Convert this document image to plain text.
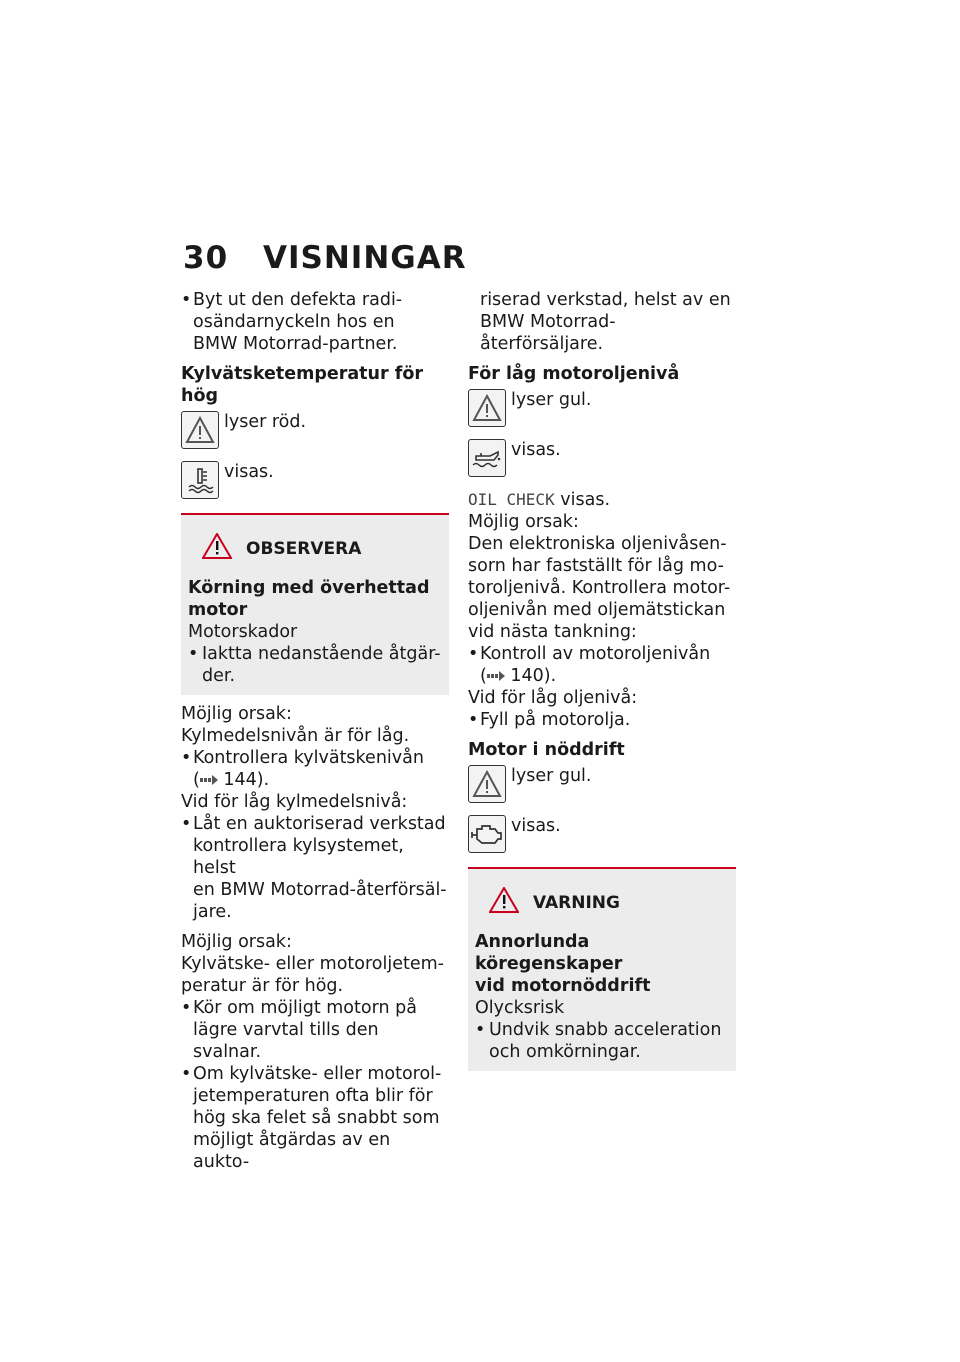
30 VISNINGAR

• Byt ut den defekta radi-

osändarnyckeln hos en

BMW Motorrad-partner.

Kylvätsketemperatur för hög

lyser röd.
visas.
OBSERVERA

Körning med överhettad

motor

Motorskador

• Iaktta nedanstående åtgär-

der.

Möjlig orsak:

Kylmedelsnivån är för låg.

• Kontrollera kylvätskenivån

( 144).

Vid för låg kylmedelsnivå:

• Låt en auktoriserad verkstad

kontrollera kylsystemet, helst

en BMW Motorrad-återförsäl-

jare.

Möjlig orsak:

Kylvätske- eller motoroljetem-

peratur är för hög.

• Kör om möjligt motorn på

lägre varvtal tills den svalnar.

• Om kylvätske- eller motorol-

jetemperaturen ofta blir för

hög ska felet så snabbt som

möjligt åtgärdas av en aukto-

riserad verkstad, helst av en

BMW Motorrad-återförsäljare.

För låg motoroljenivå

lyser gul.
visas.

OIL CHECK visas.

Möjlig orsak:

Den elektroniska oljenivåsen-

sorn har fastställt för låg mo-

toroljenivå. Kontrollera motor-

oljenivån med oljemätstickan

vid nästa tankning:

• Kontroll av motoroljenivån

( 140).

Vid för låg oljenivå:

• Fyll på motorolja.

Motor i nöddrift

lyser gul.
visas.
VARNING

Annorlunda köregenskaper

vid motornöddrift

Olycksrisk

• Undvik snabb acceleration

och omkörningar.
